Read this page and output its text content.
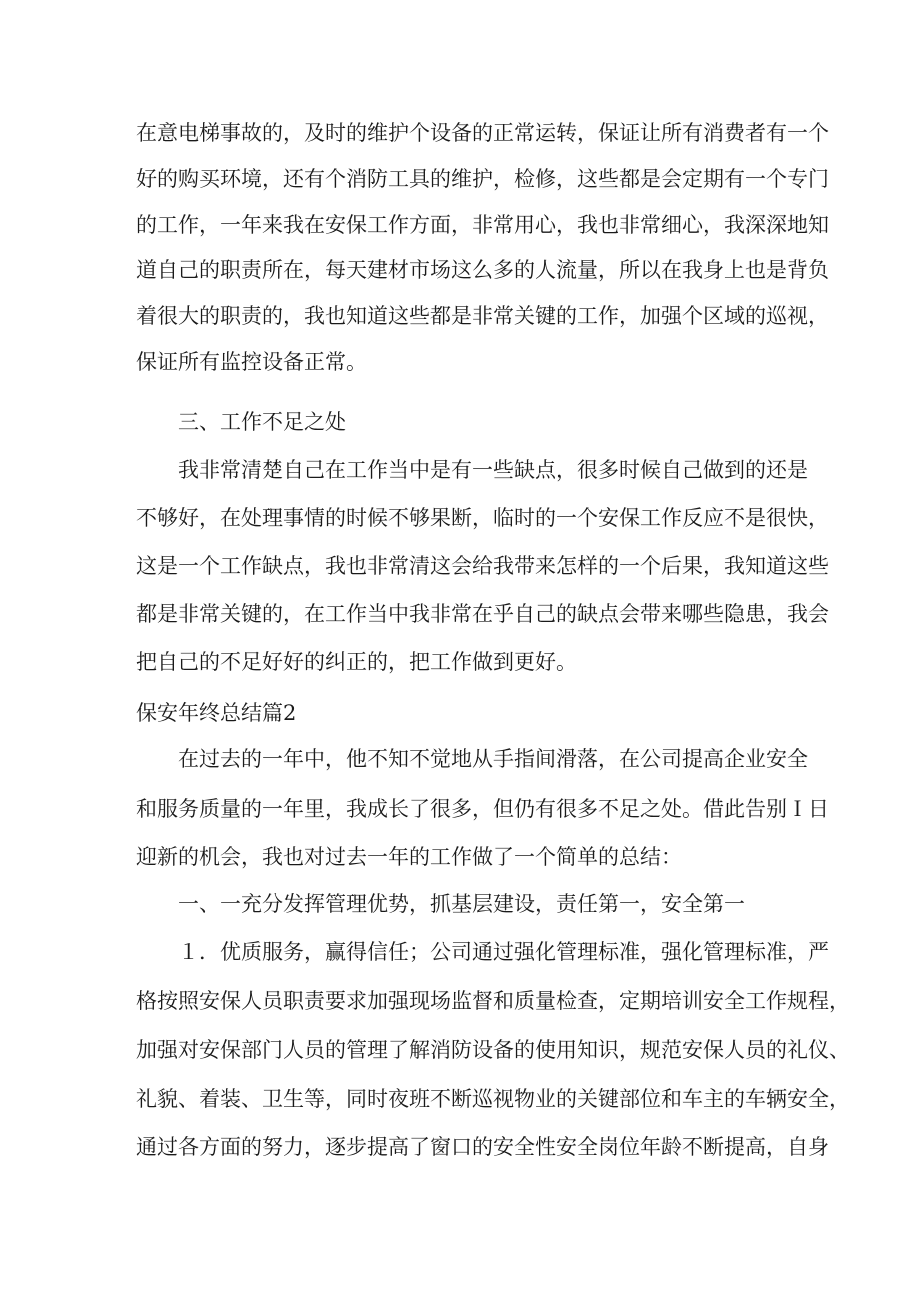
在意电梯事故的，及时的维护个设备的正常运转，保证让所有消费者有一个
好的购买环境，还有个消防工具的维护，检修，这些都是会定期有一个专门
的工作，一年来我在安保工作方面，非常用心，我也非常细心，我深深地知
道自己的职责所在，每天建材市场这么多的人流量，所以在我身上也是背负
着很大的职责的，我也知道这些都是非常关键的工作，加强个区域的巡视，
保证所有监控设备正常。
三、工作不足之处
我非常清楚自己在工作当中是有一些缺点，很多时候自己做到的还是
不够好，在处理事情的时候不够果断，临时的一个安保工作反应不是很快，
这是一个工作缺点，我也非常清这会给我带来怎样的一个后果，我知道这些
都是非常关键的，在工作当中我非常在乎自己的缺点会带来哪些隐患，我会
把自己的不足好好的纠正的，把工作做到更好。
保安年终总结篇2
在过去的一年中，他不知不觉地从手指间滑落，在公司提高企业安全
和服务质量的一年里，我成长了很多，但仍有很多不足之处。借此告别Ｉ日
迎新的机会，我也对过去一年的工作做了一个简单的总结：
一、一充分发挥管理优势，抓基层建设，责任第一，安全第一
１．优质服务，赢得信任；公司通过强化管理标准，强化管理标准，严
格按照安保人员职责要求加强现场监督和质量检查，定期培训安全工作规程，
加强对安保部门人员的管理了解消防设备的使用知识，规范安保人员的礼仪、
礼貌、着装、卫生等，同时夜班不断巡视物业的关键部位和车主的车辆安全，
通过各方面的努力，逐步提高了窗口的安全性安全岗位年龄不断提高，自身
